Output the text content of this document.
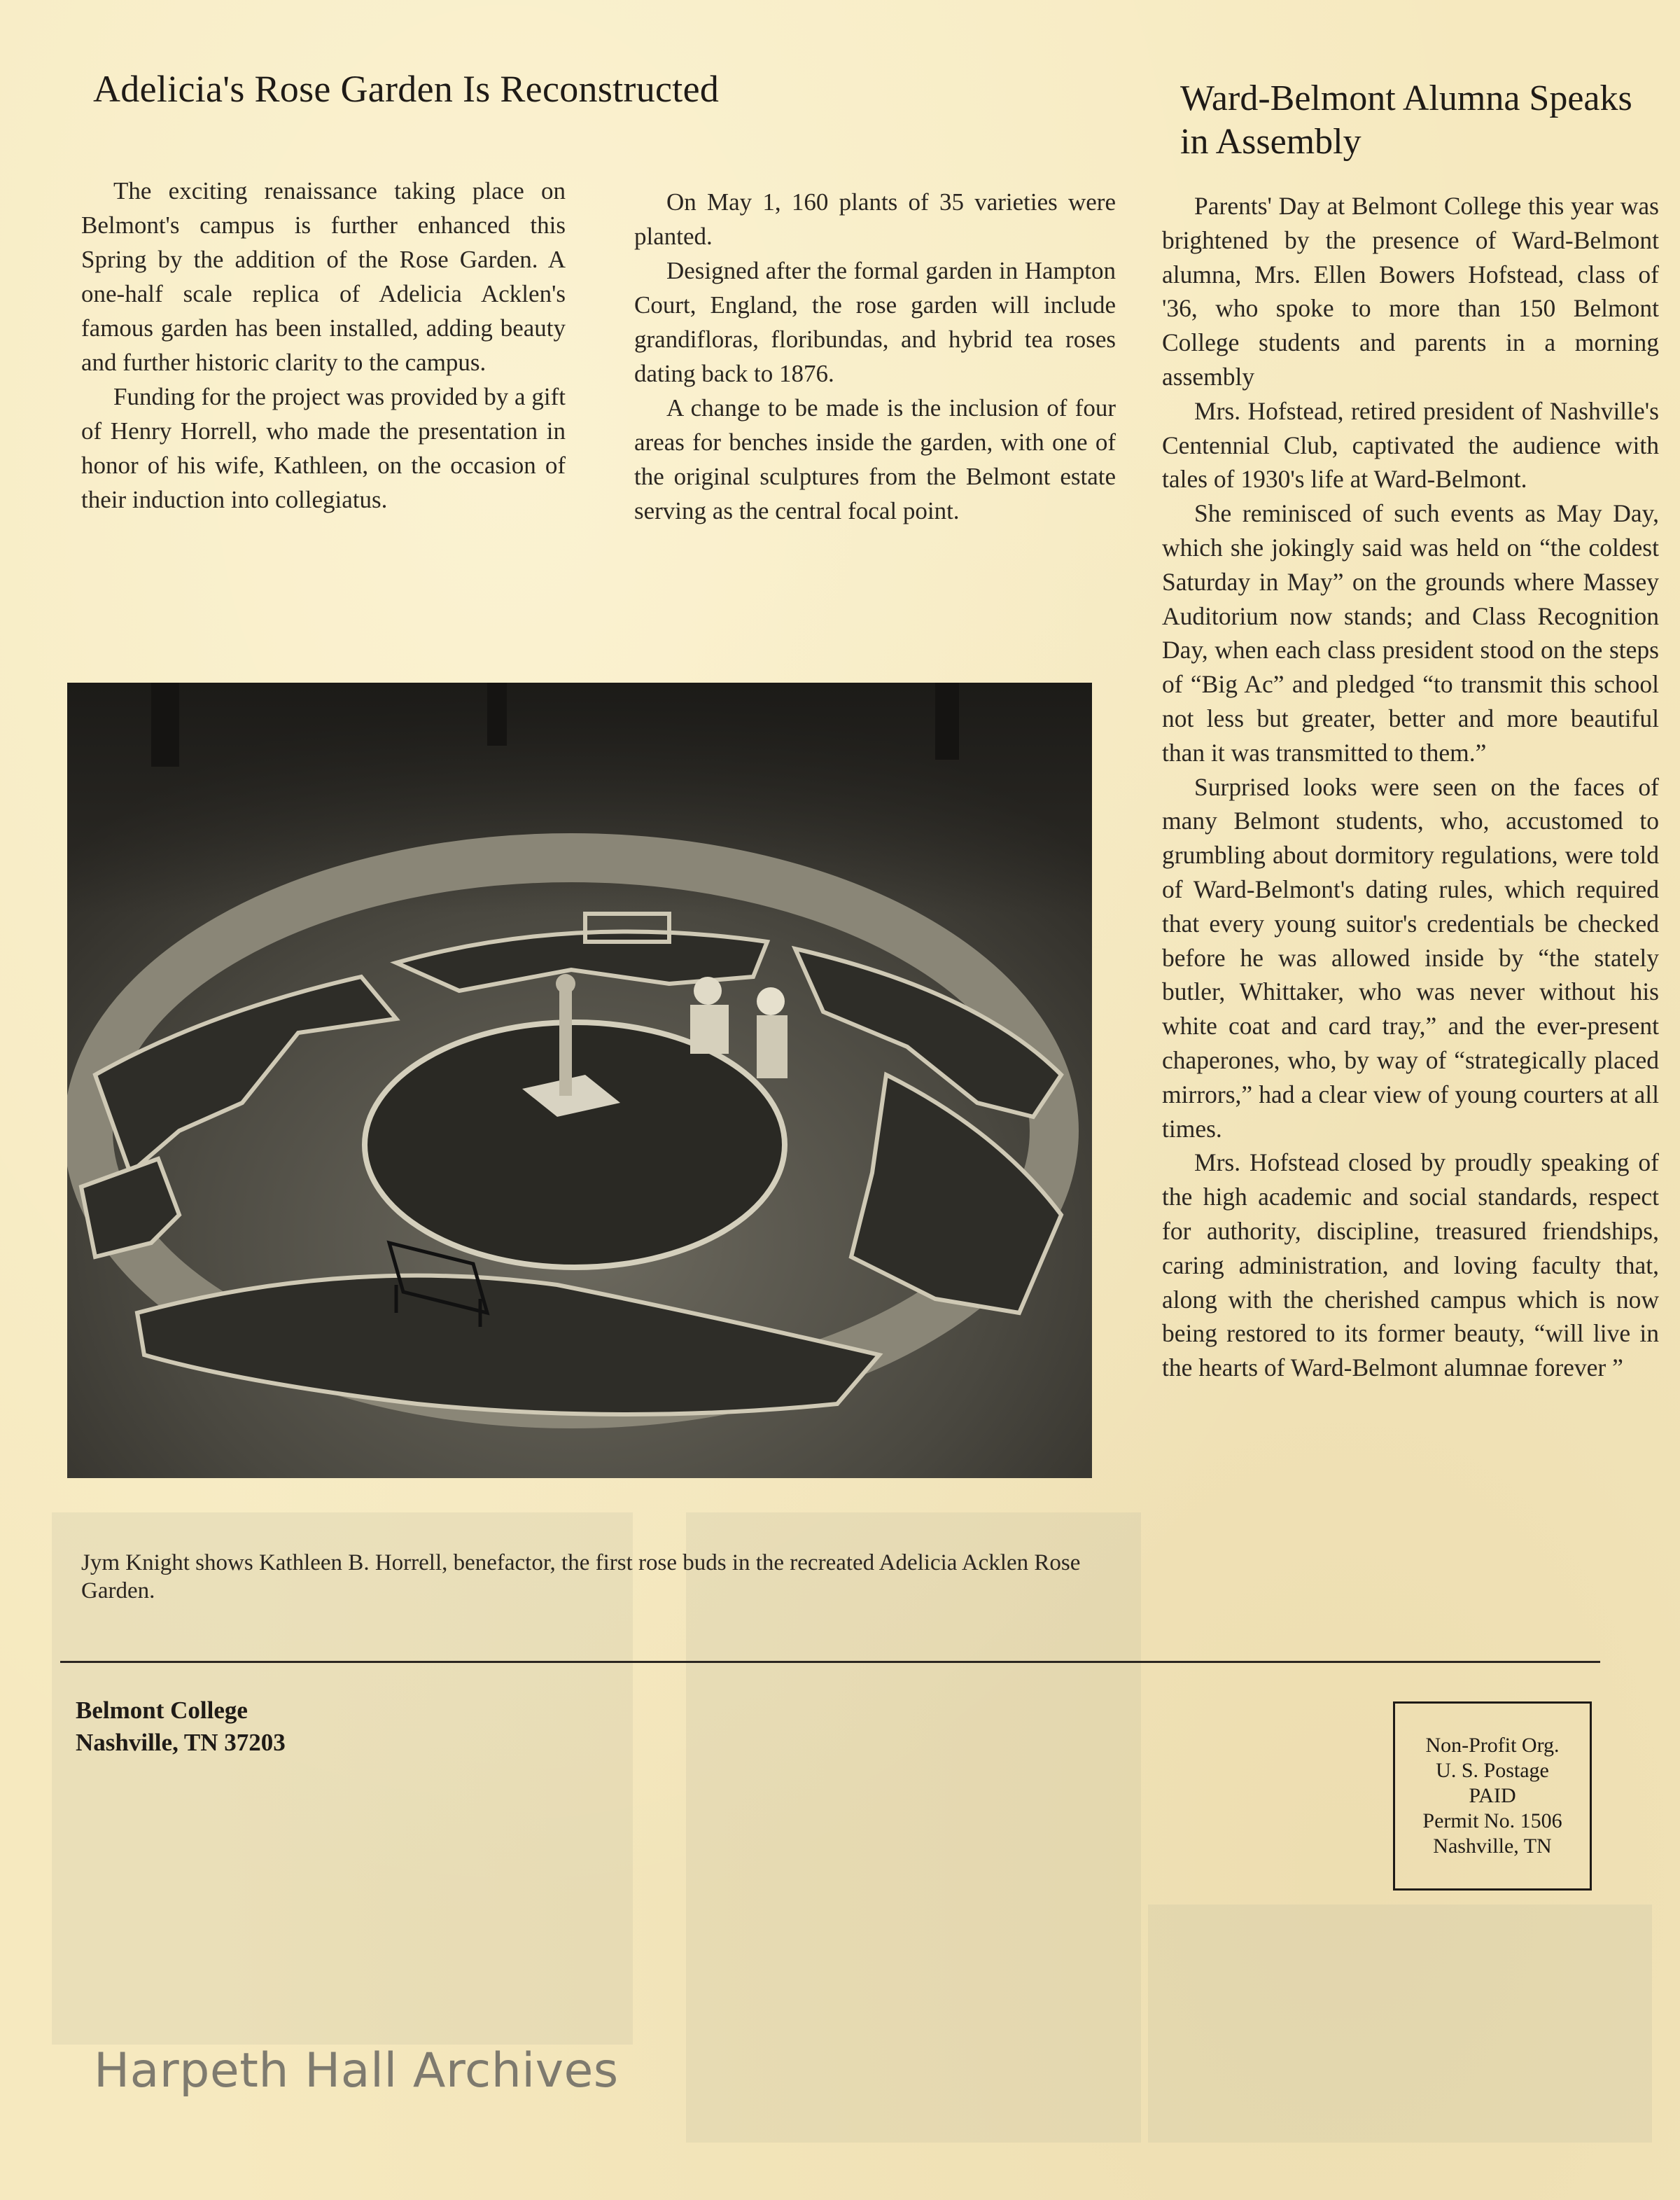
Adelicia's Rose Garden Is Reconstructed

The exciting renaissance taking place on Belmont's campus is further enhanced this Spring by the addition of the Rose Garden. A one-half scale replica of Adelicia Acklen's famous garden has been installed, adding beauty and further historic clarity to the campus.

Funding for the project was provided by a gift of Henry Horrell, who made the presentation in honor of his wife, Kathleen, on the occasion of their induction into collegiatus.

On May 1, 160 plants of 35 varieties were planted.

Designed after the formal garden in Hampton Court, England, the rose garden will include grandifloras, floribundas, and hybrid tea roses dating back to 1876.

A change to be made is the inclusion of four areas for benches inside the garden, with one of the original sculptures from the Belmont estate serving as the central focal point.

Jym Knight shows Kathleen B. Horrell, benefactor, the first rose buds in the recreated Adelicia Acklen Rose Garden.
Ward-Belmont Alumna Speaks in Assembly

Parents' Day at Belmont College this year was brightened by the presence of Ward-Belmont alumna, Mrs. Ellen Bowers Hofstead, class of '36, who spoke to more than 150 Belmont College students and parents in a morning assembly

Mrs. Hofstead, retired president of Nashville's Centennial Club, captivated the audience with tales of 1930's life at Ward-Belmont.

She reminisced of such events as May Day, which she jokingly said was held on “the coldest Saturday in May” on the grounds where Massey Auditorium now stands; and Class Recognition Day, when each class president stood on the steps of “Big Ac” and pledged “to transmit this school not less but greater, better and more beautiful than it was transmitted to them.”

Surprised looks were seen on the faces of many Belmont students, who, accustomed to grumbling about dormitory regulations, were told of Ward-Belmont's dating rules, which required that every young suitor's credentials be checked before he was allowed inside by “the stately butler, Whittaker, who was never without his white coat and card tray,” and the ever-present chaperones, who, by way of “strategically placed mirrors,” had a clear view of young courters at all times.

Mrs. Hofstead closed by proudly speaking of the high academic and social standards, respect for authority, discipline, treasured friendships, caring administration, and loving faculty that, along with the cherished campus which is now being restored to its former beauty, “will live in the hearts of Ward-Belmont alumnae forever ”

Belmont College
Nashville, TN 37203	Non-Profit Org.
U. S. Postage
PAID
Permit No. 1506
Nashville, TN
Harpeth Hall Archives
